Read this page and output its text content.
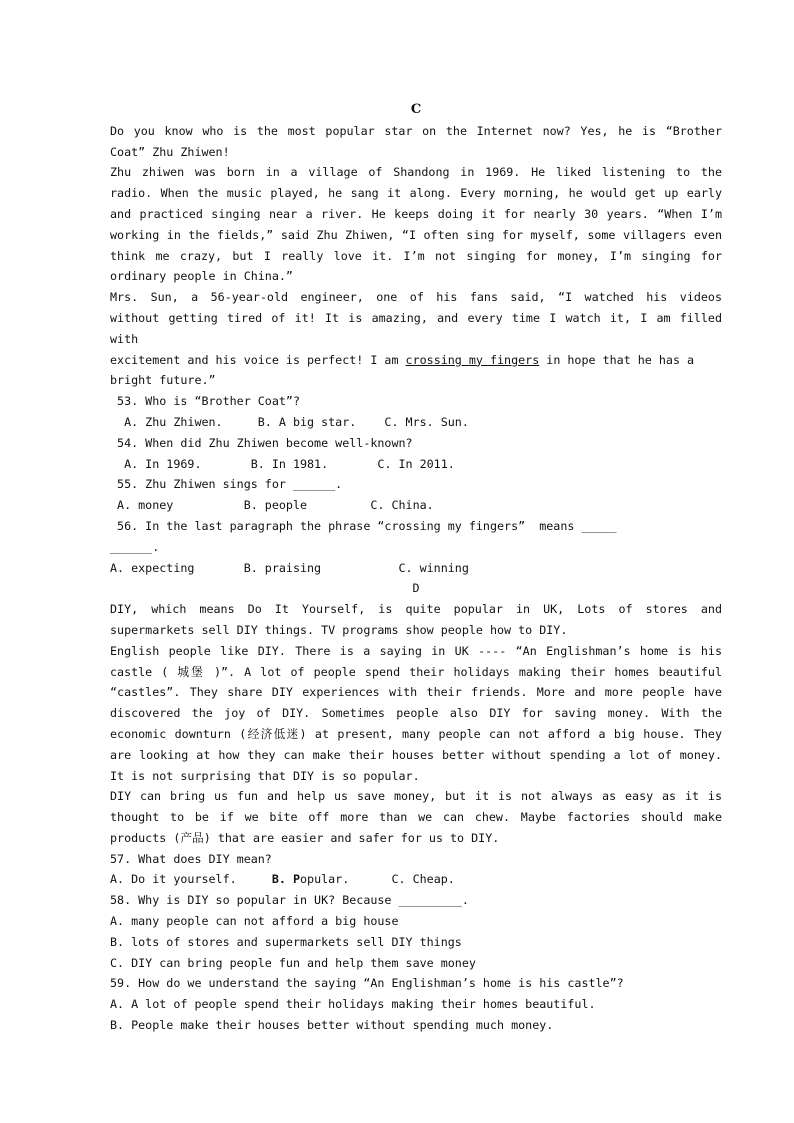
C
Do you know who is the most popular star on the Internet now? Yes, he is “Brother
Coat” Zhu Zhiwen!
Zhu zhiwen was born in a village of Shandong in 1969. He liked listening to the
radio. When the music played, he sang it along. Every morning, he would get up early
and practiced singing near a river. He keeps doing it for nearly 30 years. “When I’m
working in the fields,” said Zhu Zhiwen, “I often sing for myself, some villagers even
think me crazy, but I really love it. I’m not singing for money, I’m singing for
ordinary people in China.”
Mrs. Sun, a 56-year-old engineer, one of his fans said, “I watched his videos
without getting tired of it! It is amazing, and every time I watch it, I am filled with
excitement and his voice is perfect! I am crossing my fingers in hope that he has a
bright future.”
53. Who is “Brother Coat”?
A. Zhu Zhiwen.     B. A big star.    C. Mrs. Sun.
54. When did Zhu Zhiwen become well-known?
A. In 1969.       B. In 1981.       C. In 2011.
55. Zhu Zhiwen sings for ______.
A. money          B. people         C. China.
56. In the last paragraph the phrase “crossing my fingers”  means _____
______.
A. expecting       B. praising           C. winning
D
DIY, which means Do It Yourself, is quite popular in UK, Lots of stores and
supermarkets sell DIY things. TV programs show people how to DIY.
English people like DIY. There is a saying in UK ---- “An Englishman’s home is his
castle ( 城堡 )”. A lot of people spend their holidays making their homes beautiful
“castles”. They share DIY experiences with their friends. More and more people have
discovered the joy of DIY. Sometimes people also DIY for saving money. With the
economic downturn (经济低迷) at present, many people can not afford a big house. They
are looking at how they can make their houses better without spending a lot of money.
It is not surprising that DIY is so popular.
DIY can bring us fun and help us save money, but it is not always as easy as it is
thought to be if we bite off more than we can chew. Maybe factories should make
products (产品) that are easier and safer for us to DIY.
57. What does DIY mean?
A. Do it yourself.     B. Popular.      C. Cheap.
58. Why is DIY so popular in UK? Because _________.
A. many people can not afford a big house
B. lots of stores and supermarkets sell DIY things
C. DIY can bring people fun and help them save money
59. How do we understand the saying “An Englishman’s home is his castle”?
A. A lot of people spend their holidays making their homes beautiful.
B. People make their houses better without spending much money.
